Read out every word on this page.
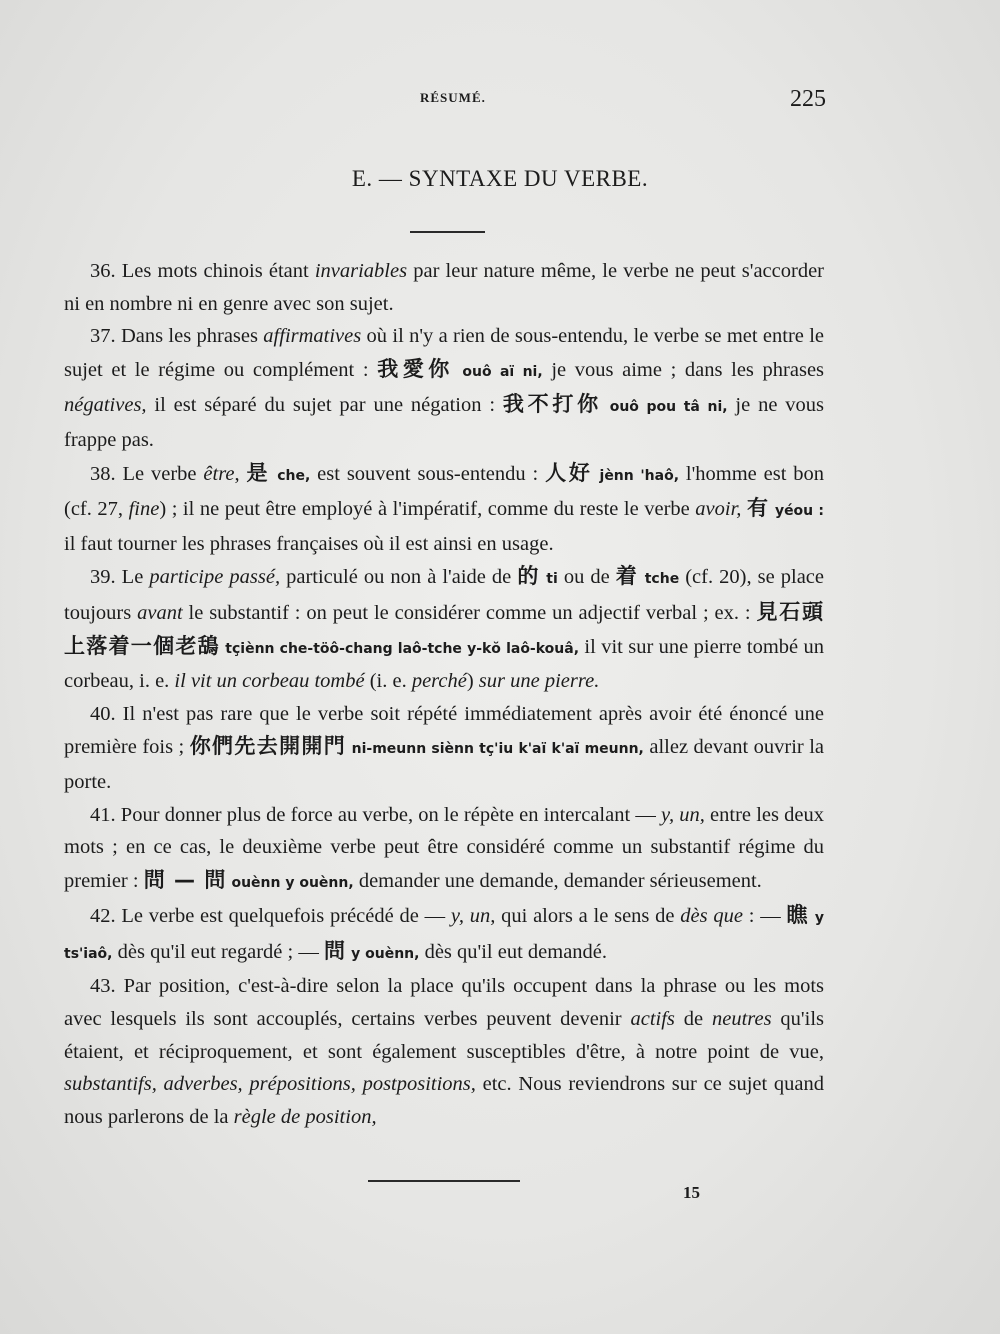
RÉSUMÉ.	225
E. — SYNTAXE DU VERBE.

36. Les mots chinois étant invariables par leur nature même, le verbe ne peut s'accorder ni en nombre ni en genre avec son sujet.

37. Dans les phrases affirmatives où il n'y a rien de sous-entendu, le verbe se met entre le sujet et le régime ou complément : 我愛你 ouô aï ni, je vous aime ; dans les phrases négatives, il est séparé du sujet par une négation : 我不打你 ouô pou tâ ni, je ne vous frappe pas.

38. Le verbe être, 是 che, est souvent sous-entendu : 人好 jènn 'haô, l'homme est bon (cf. 27, fine) ; il ne peut être employé à l'impératif, comme du reste le verbe avoir, 有 yéou : il faut tourner les phrases françaises où il est ainsi en usage.

39. Le participe passé, particulé ou non à l'aide de 的 ti ou de 着 tche (cf. 20), se place toujours avant le substantif : on peut le considérer comme un adjectif verbal ; ex. : 見石頭上落着一個老鴰 tçiènn che-töô-chang laô-tche y-kŏ laô-kouâ, il vit sur une pierre tombé un corbeau, i. e. il vit un corbeau tombé (i. e. perché) sur une pierre.

40. Il n'est pas rare que le verbe soit répété immédiatement après avoir été énoncé une première fois ; 你們先去開開門 ni-meunn siènn tç'iu k'aï k'aï meunn, allez devant ouvrir la porte.

41. Pour donner plus de force au verbe, on le répète en intercalant — y, un, entre les deux mots ; en ce cas, le deuxième verbe peut être considéré comme un substantif régime du premier : 問 — 問 ouènn y ouènn, demander une demande, demander sérieusement.

42. Le verbe est quelquefois précédé de — y, un, qui alors a le sens de dès que : — 瞧 y ts'iaô, dès qu'il eut regardé ; — 問 y ouènn, dès qu'il eut demandé.

43. Par position, c'est-à-dire selon la place qu'ils occupent dans la phrase ou les mots avec lesquels ils sont accouplés, certains verbes peuvent devenir actifs de neutres qu'ils étaient, et réciproquement, et sont également susceptibles d'être, à notre point de vue, substantifs, adverbes, prépositions, postpositions, etc. Nous reviendrons sur ce sujet quand nous parlerons de la règle de position,

15
